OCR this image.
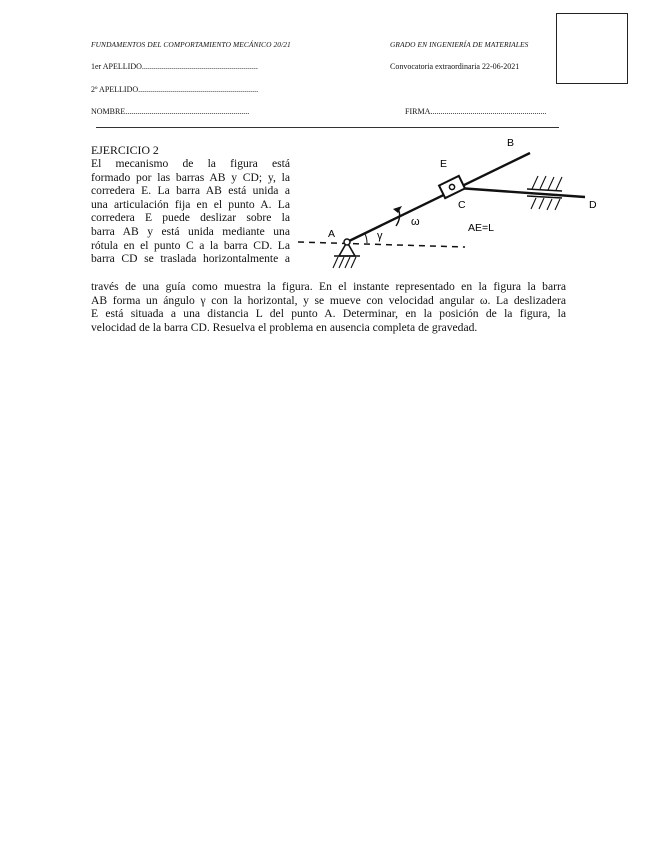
FUNDAMENTOS DEL COMPORTAMIENTO MECÁNICO 20/21	GRADO EN INGENIERÍA DE MATERIALES
1er APELLIDO..........................................................	Convocatoria extraordinaria 22-06-2021
2º APELLIDO............................................................
NOMBRE..............................................................	FIRMA..........................................................
EJERCICIO 2
El mecanismo de la figura está
formado por las barras AB y CD; y, la
corredera E. La barra AB está unida a
una articulación fija en el punto A. La
corredera E puede deslizar sobre la
barra AB y está unida mediante una
rótula en el punto C a la barra CD. La
barra CD se traslada horizontalmente a
través de una guía como muestra la figura. En el instante representado en la figura la barra
AB forma un ángulo γ con la horizontal, y se mueve con velocidad angular ω. La deslizadera
E está situada a una distancia L del punto A. Determinar, en la posición de la figura, la
velocidad de la barra CD. Resuelva el problema en ausencia completa de gravedad.
A
B
C	D
E
γ
ω	AE=L
